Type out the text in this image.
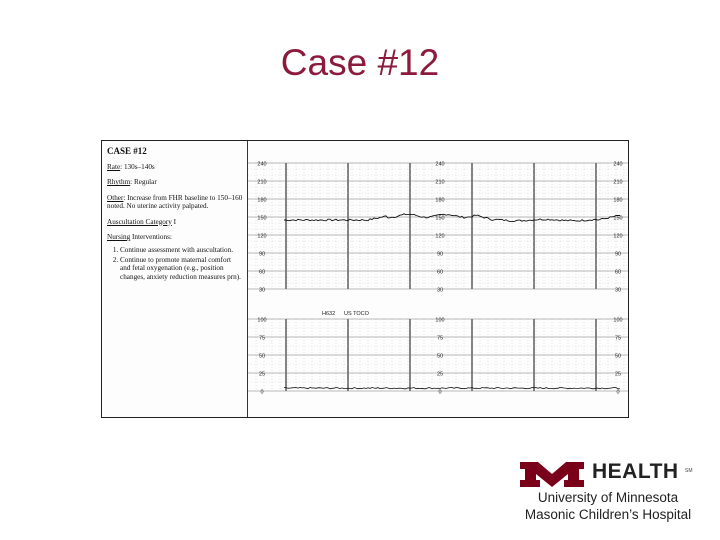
Case #12
CASE #12

Rate: 130s–140s

Rhythm: Regular

Other: Increase from FHR baseline to 150–160 noted. No uterine activity palpated.

Auscultation Category I

Nursing Interventions:

1. Continue assessment with auscultation.
2. Continue to promote maternal comfort and fetal oxygenation (e.g., position changes, anxiety reduction measures prn).
240	240	240
210	210	210
180	180	180
150	150	150
120	120	120
90	90	90
60	60	60
30	30	30
100	100	100
75	75	75
50	50	50
25	25	25
0	0	0
H632 US TOCO
HEALTH SM
University of Minnesota
Masonic Children’s Hospital
